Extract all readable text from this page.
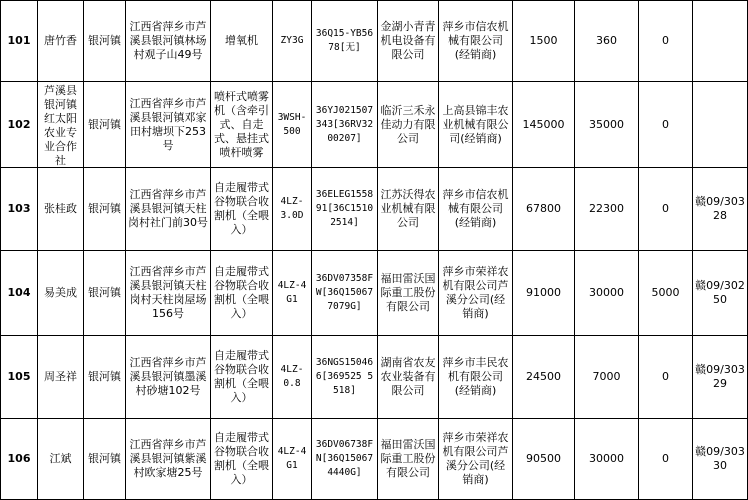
101	唐竹香	银河镇	江西省萍乡市芦溪县银河镇林场村观子山49号	增氧机	ZY3G	36Q15-YB5678[无]	金湖小青青机电设备有限公司	萍乡市信农机械有限公司(经销商)	1500	360	0	

102	芦溪县银河镇红太阳农业专业合作社	银河镇	江西省萍乡市芦溪县银河镇邓家田村塘坝下253号	喷杆式喷雾机（含牵引式、自走式、悬挂式喷杆喷雾	3WSH-500	36YJ021507343[36RV3200207]	临沂三禾永佳动力有限公司	上高县锦丰农业机械有限公司(经销商)	145000	35000	0	

103	张桂政	银河镇	江西省萍乡市芦溪县银河镇天柱岗村社门前30号	自走履带式谷物联合收割机（全喂入）	4LZ-3.0D	36ELEG155891[36C15102514]	江苏沃得农业机械有限公司	萍乡市信农机械有限公司(经销商)	67800	22300	0	赣09/30328

104	易美成	银河镇	江西省萍乡市芦溪县银河镇天柱岗村天柱岗屋场156号	自走履带式谷物联合收割机（全喂入）	4LZ-4G1	36DV07358FW[36Q150677079G]	福田雷沃国际重工股份有限公司	萍乡市荣祥农机有限公司芦溪分公司(经销商)	91000	30000	5000	赣09/30250

105	周圣祥	银河镇	江西省萍乡市芦溪县银河镇墨溪村砂塘102号	自走履带式谷物联合收割机（全喂入）	4LZ-0.8	36NGS150466[369525 5518]	湖南省农友农业装备有限公司	萍乡市丰民农机有限公司(经销商)	24500	7000	0	赣09/30329

106	江斌	银河镇	江西省萍乡市芦溪县银河镇紫溪村欧家塘25号	自走履带式谷物联合收割机（全喂入）	4LZ-4G1	36DV06738FN[36Q150674440G]	福田雷沃国际重工股份有限公司	萍乡市荣祥农机有限公司芦溪分公司(经销商)	90500	30000	0	赣09/30330
